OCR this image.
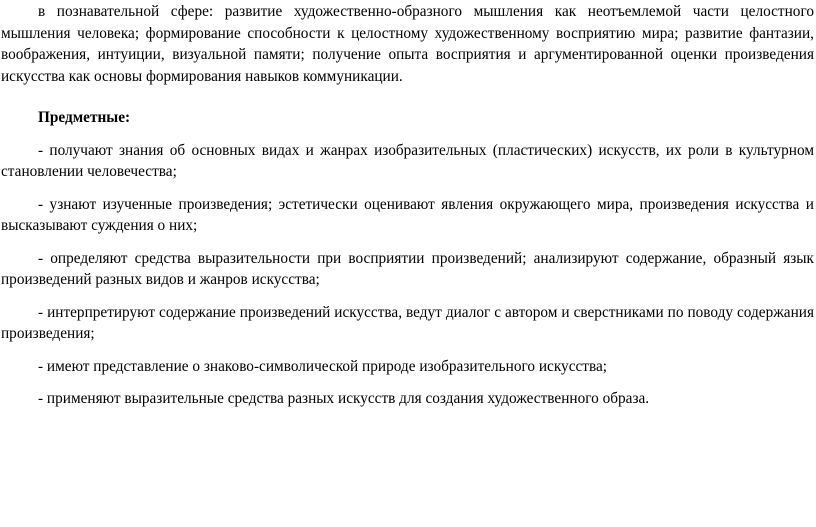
в познавательной сфере: развитие художественно-образного мышления как неотъемлемой части целостного мышления человека; формирование способности к целостному художественному восприятию мира; развитие фантазии, воображения, интуиции, визуальной памяти; получение опыта восприятия и аргументированной оценки произведения искусства как основы формирования навыков коммуникации.

Предметные:

- получают знания об основных видах и жанрах изобразительных (пластических) искусств, их роли в культурном становлении человечества;

- узнают изученные произведения; эстетически оценивают явления окружающего мира, произведения искусства и высказывают суждения о них;

- определяют средства выразительности при восприятии произведений; анализируют содержание, образный язык произведений разных видов и жанров искусства;

- интерпретируют содержание произведений искусства, ведут диалог с автором и сверстниками по поводу содержания произведения;

- имеют представление о знаково-символической природе изобразительного искусства;

- применяют выразительные средства разных искусств для создания художественного образа.
